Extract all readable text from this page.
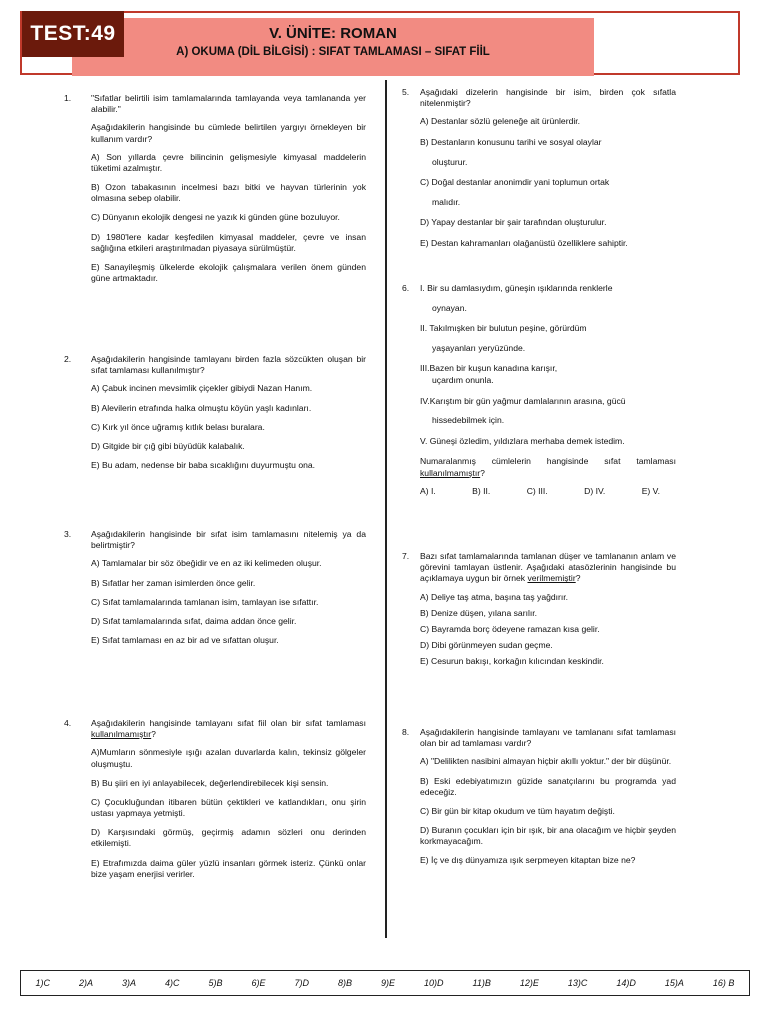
V. ÜNİTE: ROMAN
A) OKUMA (DİL BİLGİSİ) : SIFAT TAMLAMASI – SIFAT FİİL
TEST:49
1. "Sıfatlar belirtili isim tamlamalarında tamlayanda veya tamlananda yer alabilir."
Aşağıdakilerin hangisinde bu cümlede belirtilen yargıyı örnekleyen bir kullanım vardır?
A) Son yıllarda çevre bilincinin gelişmesiyle kimyasal maddelerin tüketimi azalmıştır.
B) Ozon tabakasının incelmesi bazı bitki ve hayvan türlerinin yok olmasına sebep olabilir.
C) Dünyanın ekolojik dengesi ne yazık ki günden güne bozuluyor.
D) 1980'lere kadar keşfedilen kimyasal maddeler, çevre ve insan sağlığına etkileri araştırılmadan piyasaya sürülmüştür.
E) Sanayileşmiş ülkelerde ekolojik çalışmalara verilen önem günden güne artmaktadır.
2. Aşağıdakilerin hangisinde tamlayanı birden fazla sözcükten oluşan bir sıfat tamlaması kullanılmıştır?
A) Çabuk incinen mevsimlik çiçekler gibiydi Nazan Hanım.
B) Alevilerin etrafında halka olmuştu köyün yaşlı kadınları.
C) Kırk yıl önce uğramış kıtlık belası buralara.
D) Gitgide bir çığ gibi büyüdük kalabalık.
E) Bu adam, nedense bir baba sıcaklığını duyurmuştu ona.
3. Aşağıdakilerin hangisinde bir sıfat isim tamlamasını nitelemiş ya da belirtmiştir?
A) Tamlamalar bir söz öbeğidir ve en az iki kelimeden oluşur.
B) Sıfatlar her zaman isimlerden önce gelir.
C) Sıfat tamlamalarında tamlanan isim, tamlayan ise sıfattır.
D) Sıfat tamlamalarında sıfat, daima addan önce gelir.
E) Sıfat tamlaması en az bir ad ve sıfattan oluşur.
4. Aşağıdakilerin hangisinde tamlayanı sıfat fiil olan bir sıfat tamlaması kullanılmamıştır?
A)Mumların sönmesiyle ışığı azalan duvarlarda kalın, tekinsiz gölgeler oluşmuştu.
B) Bu şiiri en iyi anlayabilecek, değerlendirebilecek kişi sensin.
C) Çocukluğundan itibaren bütün çektikleri ve katlandıkları, onu şirin ustası yapmaya yetmişti.
D) Karşısındaki görmüş, geçirmiş adamın sözleri onu derinden etkilemişti.
E) Etrafımızda daima güler yüzlü insanları görmek isteriz. Çünkü onlar bize yaşam enerjisi verirler.
5. Aşağıdaki dizelerin hangisinde bir isim, birden çok sıfatla nitelenmiştir?
A) Destanlar sözlü geleneğe ait ürünlerdir.
B) Destanların konusunu tarihi ve sosyal olaylar
oluşturur.
C) Doğal destanlar anonimdir yani toplumun ortak
malıdır.
D) Yapay destanlar bir şair tarafından oluşturulur.
E) Destan kahramanları olağanüstü özelliklere sahiptir.
6. I. Bir su damlasıydım, güneşin ışıklarında renklerle
oynayan.
II. Takılmışken bir bulutun peşine, görürdüm
yaşayanları yeryüzünde.
III.Bazen bir kuşun kanadına karışır,
uçardım onunla.
IV.Karıştım bir gün yağmur damlalarının arasına, gücü
hissedebilmek için.
V. Güneşi özledim, yıldızlara merhaba demek istedim.
Numaralanmış cümlelerin hangisinde sıfat tamlaması kullanılmamıştır?
A) I.	B) II.	C) III.	D) IV.	E) V.
7. Bazı sıfat tamlamalarında tamlanan düşer ve tamlananın anlam ve görevini tamlayan üstlenir. Aşağıdaki atasözlerinin hangisinde bu açıklamaya uygun bir örnek verilmemiştir?
A) Deliye taş atma, başına taş yağdırır.
B) Denize düşen, yılana sarılır.
C) Bayramda borç ödeyene ramazan kısa gelir.
D) Dibi görünmeyen sudan geçme.
E) Cesurun bakışı, korkağın kılıcından keskindir.
8. Aşağıdakilerin hangisinde tamlayanı ve tamlananı sıfat tamlaması olan bir ad tamlaması vardır?
A) "Delilikten nasibini almayan hiçbir akıllı yoktur." der bir düşünür.
B) Eski edebiyatımızın güzide sanatçılarını bu programda yad edeceğiz.
C) Bir gün bir kitap okudum ve tüm hayatım değişti.
D) Buranın çocukları için bir ışık, bir ana olacağım ve hiçbir şeyden korkmayacağım.
E) İç ve dış dünyamıza ışık serpmeyen kitaptan bize ne?
1)C	2)A	3)A	4)C	5)B	6)E	7)D	8)B	9)E	10)D	11)B	12)E	13)C	14)D	15)A	16) B
